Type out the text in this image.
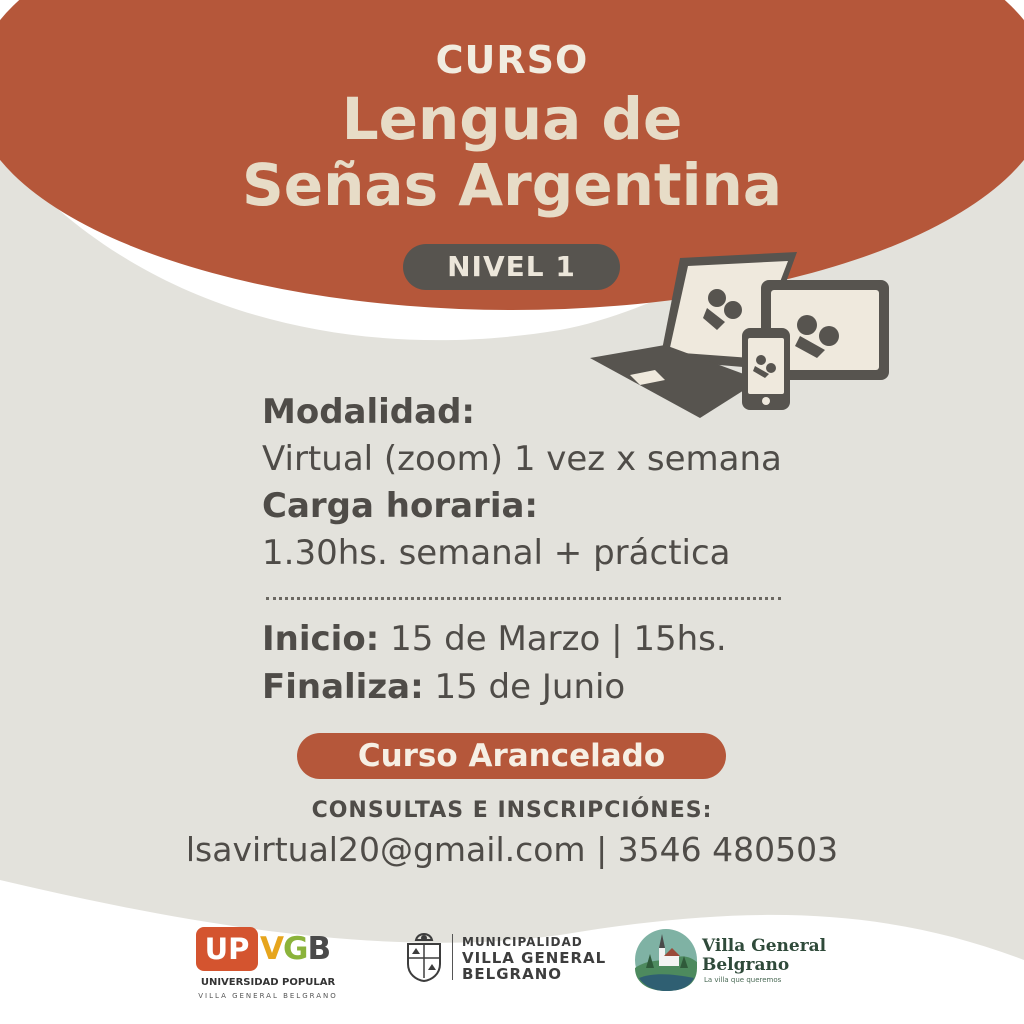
CURSO
Lengua de
Señas Argentina
NIVEL 1
Modalidad:
Virtual (zoom) 1 vez x semana
Carga horaria:
1.30hs. semanal + práctica
Inicio: 15 de Marzo | 15hs.
Finaliza: 15 de Junio
Curso Arancelado
CONSULTAS E INSCRIPCIÓNES:
lsavirtual20@gmail.com | 3546 480503
UP VGB
UNIVERSIDAD POPULAR
VILLA GENERAL BELGRANO
MUNICIPALIDAD
VILLA GENERAL
BELGRANO
Villa General
Belgrano
La villa que queremos
